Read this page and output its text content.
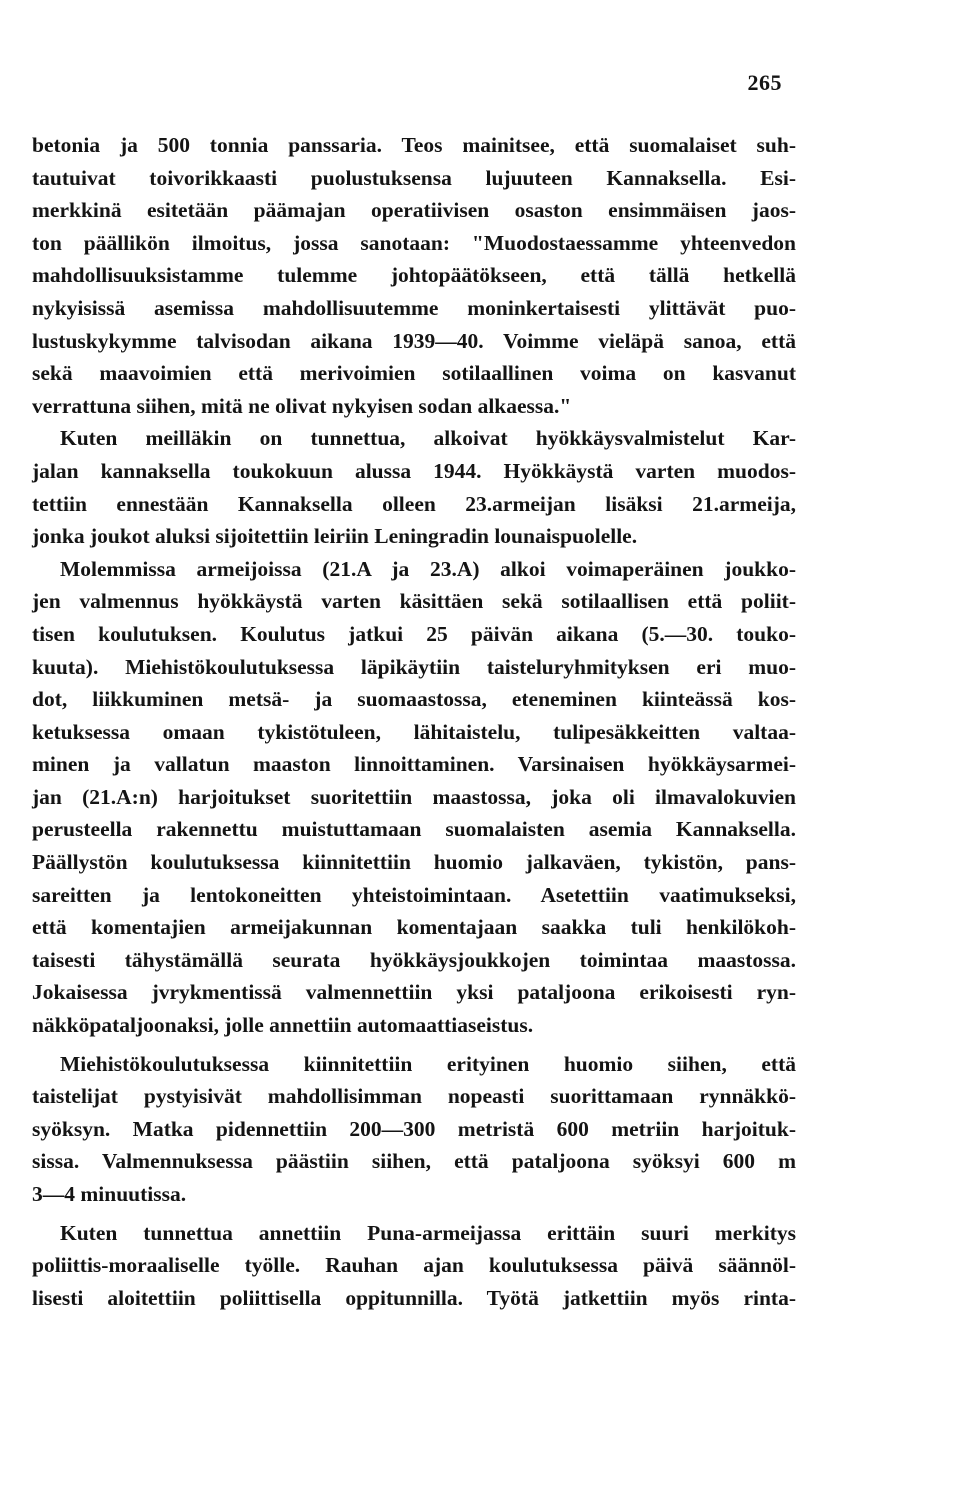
265
betonia ja 500 tonnia panssaria. Teos mainitsee, että suomalaiset suh-
tautuivat toivorikkaasti puolustuksensa lujuuteen Kannaksella. Esi-
merkkinä esitetään päämajan operatiivisen osaston ensimmäisen jaos-
ton päällikön ilmoitus, jossa sanotaan: "Muodostaessamme yhteenvedon
mahdollisuuksistamme tulemme johtopäätökseen, että tällä hetkellä
nykyisissä asemissa mahdollisuutemme moninkertaisesti ylittävät puo-
lustuskykymme talvisodan aikana 1939—40. Voimme vieläpä sanoa, että
sekä maavoimien että merivoimien sotilaallinen voima on kasvanut
verrattuna siihen, mitä ne olivat nykyisen sodan alkaessa."
Kuten meilläkin on tunnettua, alkoivat hyökkäysvalmistelut Kar-
jalan kannaksella toukokuun alussa 1944. Hyökkäystä varten muodos-
tettiin ennestään Kannaksella olleen 23.armeijan lisäksi 21.armeija,
jonka joukot aluksi sijoitettiin leiriin Leningradin lounaispuolelle.
Molemmissa armeijoissa (21.A ja 23.A) alkoi voimaperäinen joukko-
jen valmennus hyökkäystä varten käsittäen sekä sotilaallisen että poliit-
tisen koulutuksen. Koulutus jatkui 25 päivän aikana (5.—30. touko-
kuuta). Miehistökoulutuksessa läpikäytiin taisteluryhmityksen eri muo-
dot, liikkuminen metsä- ja suomaastossa, eteneminen kiinteässä kos-
ketuksessa omaan tykistötuleen, lähitaistelu, tulipesäkkeitten valtaa-
minen ja vallatun maaston linnoittaminen. Varsinaisen hyökkäysarmei-
jan (21.A:n) harjoitukset suoritettiin maastossa, joka oli ilmavalokuvien
perusteella rakennettu muistuttamaan suomalaisten asemia Kannaksella.
Päällystön koulutuksessa kiinnitettiin huomio jalkaväen, tykistön, pans-
sareitten ja lentokoneitten yhteistoimintaan. Asetettiin vaatimukseksi,
että komentajien armeijakunnan komentajaan saakka tuli henkilökoh-
taisesti tähystämällä seurata hyökkäysjoukkojen toimintaa maastossa.
Jokaisessa jvrykmentissä valmennettiin yksi pataljoona erikoisesti ryn-
näkköpataljoonaksi, jolle annettiin automaattiaseistus.
Miehistökoulutuksessa kiinnitettiin erityinen huomio siihen, että
taistelijat pystyisivät mahdollisimman nopeasti suorittamaan rynnäkkö-
syöksyn. Matka pidennettiin 200—300 metristä 600 metriin harjoituk-
sissa. Valmennuksessa päästiin siihen, että pataljoona syöksyi 600 m
3—4 minuutissa.
Kuten tunnettua annettiin Puna-armeijassa erittäin suuri merkitys
poliittis-moraaliselle työlle. Rauhan ajan koulutuksessa päivä säännöl-
lisesti aloitettiin poliittisella oppitunnilla. Työtä jatkettiin myös rinta-
